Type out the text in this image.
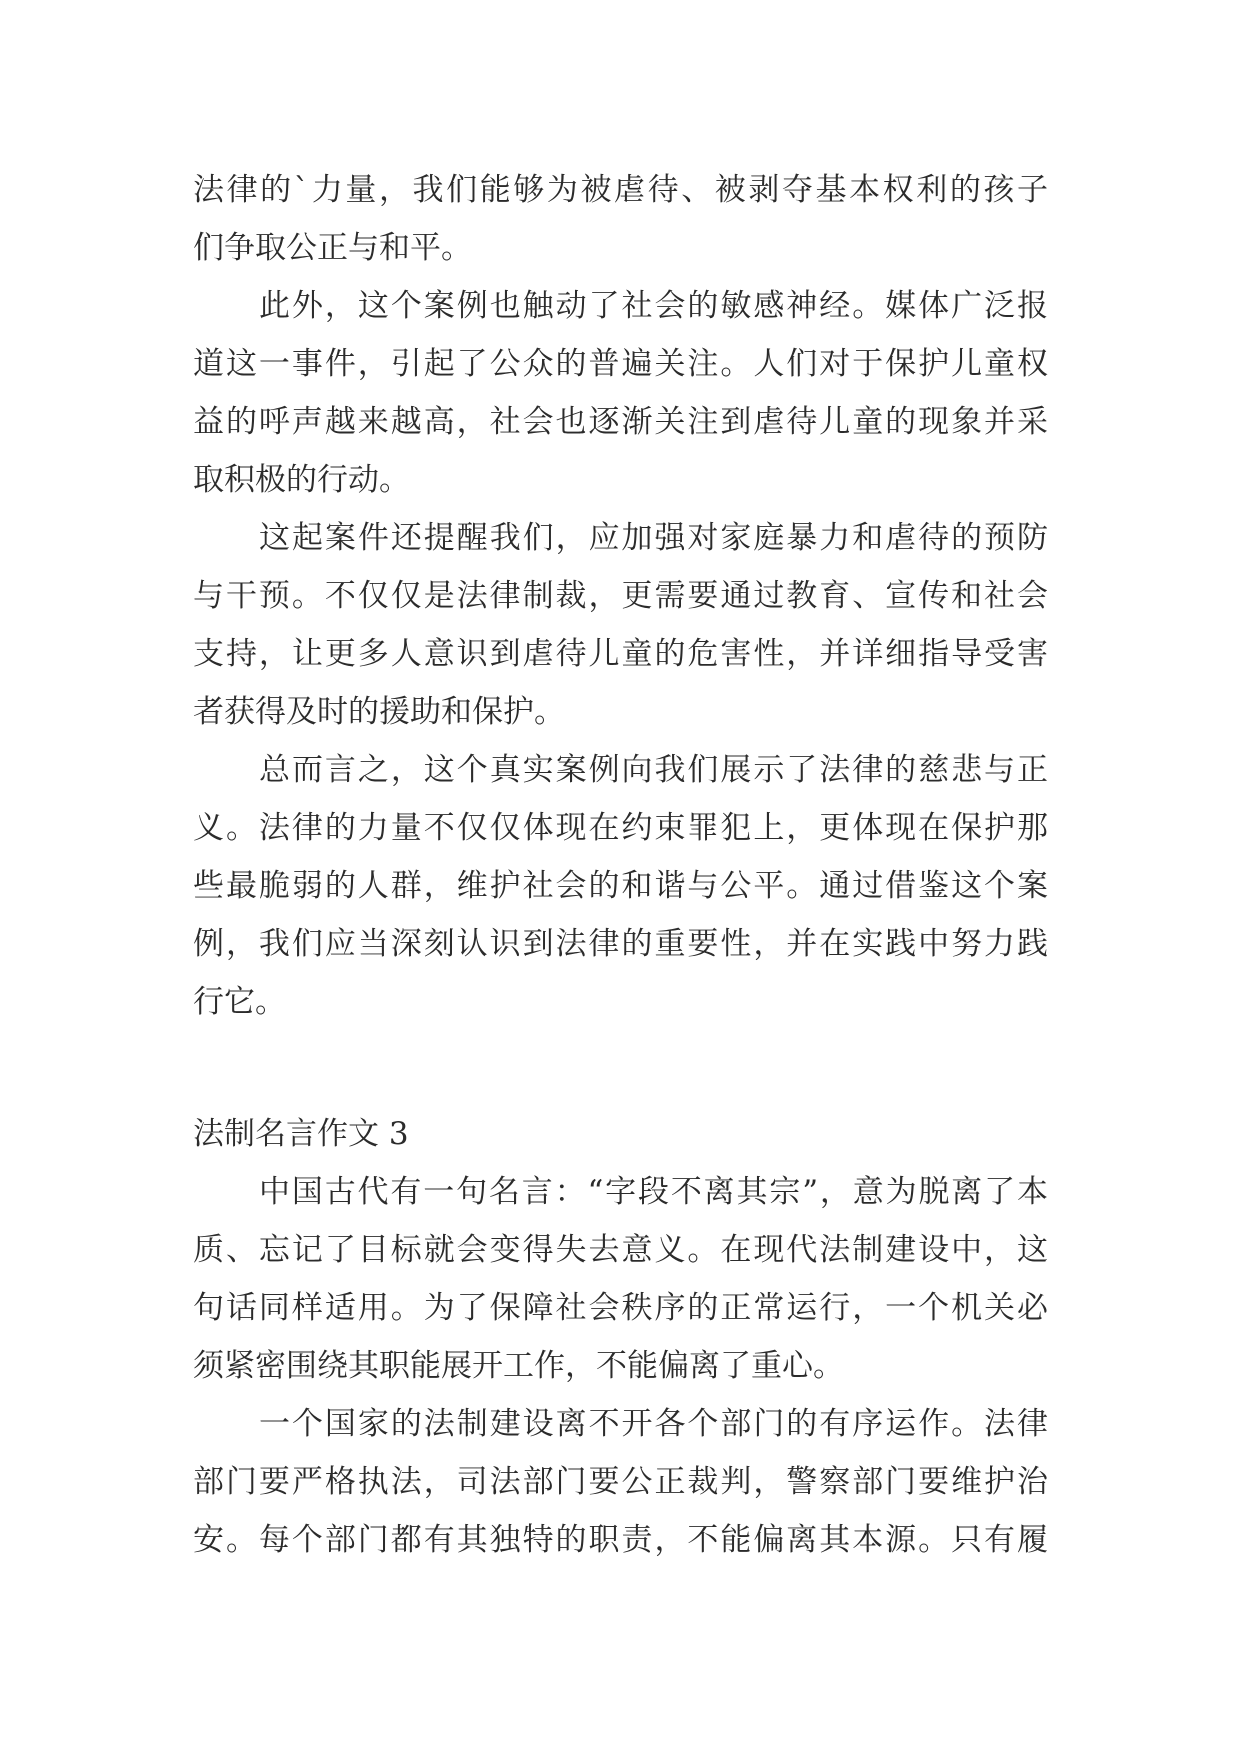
法律的`力量，我们能够为被虐待、被剥夺基本权利的孩子
们争取公正与和平。
此外，这个案例也触动了社会的敏感神经。媒体广泛报
道这一事件，引起了公众的普遍关注。人们对于保护儿童权
益的呼声越来越高，社会也逐渐关注到虐待儿童的现象并采
取积极的行动。
这起案件还提醒我们，应加强对家庭暴力和虐待的预防
与干预。不仅仅是法律制裁，更需要通过教育、宣传和社会
支持，让更多人意识到虐待儿童的危害性，并详细指导受害
者获得及时的援助和保护。
总而言之，这个真实案例向我们展示了法律的慈悲与正
义。法律的力量不仅仅体现在约束罪犯上，更体现在保护那
些最脆弱的人群，维护社会的和谐与公平。通过借鉴这个案
例，我们应当深刻认识到法律的重要性，并在实践中努力践
行它。
法制名言作文 3
中国古代有一句名言：“字段不离其宗”，意为脱离了本
质、忘记了目标就会变得失去意义。在现代法制建设中，这
句话同样适用。为了保障社会秩序的正常运行，一个机关必
须紧密围绕其职能展开工作，不能偏离了重心。
一个国家的法制建设离不开各个部门的有序运作。法律
部门要严格执法，司法部门要公正裁判，警察部门要维护治
安。每个部门都有其独特的职责，不能偏离其本源。只有履
